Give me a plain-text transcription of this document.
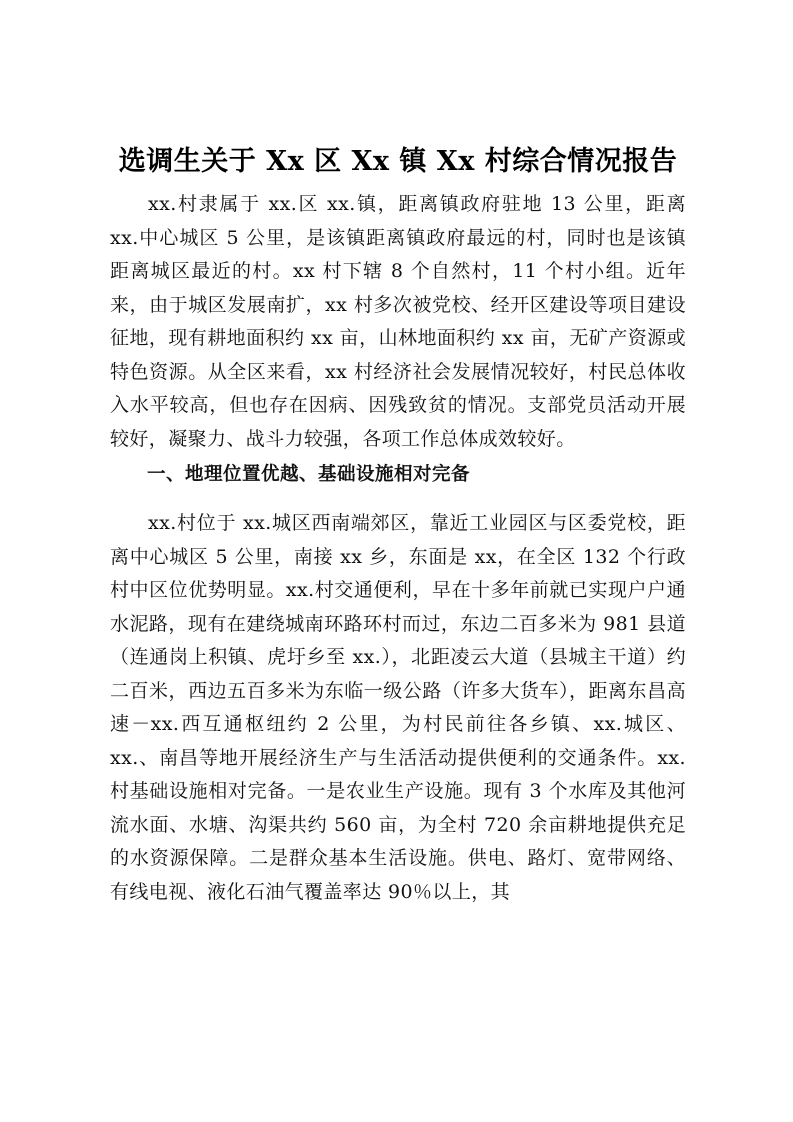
选调生关于 Xx 区 Xx 镇 Xx 村综合情况报告

xx.村隶属于 xx.区 xx.镇，距离镇政府驻地 13 公里，距离 xx.中心城区 5 公里，是该镇距离镇政府最远的村，同时也是该镇距离城区最近的村。xx 村下辖 8 个自然村，11 个村小组。近年来，由于城区发展南扩，xx 村多次被党校、经开区建设等项目建设征地，现有耕地面积约 xx 亩，山林地面积约 xx 亩，无矿产资源或特色资源。从全区来看，xx 村经济社会发展情况较好，村民总体收入水平较高，但也存在因病、因残致贫的情况。支部党员活动开展较好，凝聚力、战斗力较强，各项工作总体成效较好。

一、地理位置优越、基础设施相对完备

xx.村位于 xx.城区西南端郊区，靠近工业园区与区委党校，距离中心城区 5 公里，南接 xx 乡，东面是 xx，在全区 132 个行政村中区位优势明显。xx.村交通便利，早在十多年前就已实现户户通水泥路，现有在建绕城南环路环村而过，东边二百多米为 981 县道（连通岗上积镇、虎圩乡至 xx.），北距凌云大道（县城主干道）约二百米，西边五百多米为东临一级公路（许多大货车），距离东昌高速－xx.西互通枢纽约 2 公里，为村民前往各乡镇、xx.城区、xx.、南昌等地开展经济生产与生活活动提供便利的交通条件。xx.村基础设施相对完备。一是农业生产设施。现有 3 个水库及其他河流水面、水塘、沟渠共约 560 亩，为全村 720 余亩耕地提供充足的水资源保障。二是群众基本生活设施。供电、路灯、宽带网络、有线电视、液化石油气覆盖率达 90％以上，其
